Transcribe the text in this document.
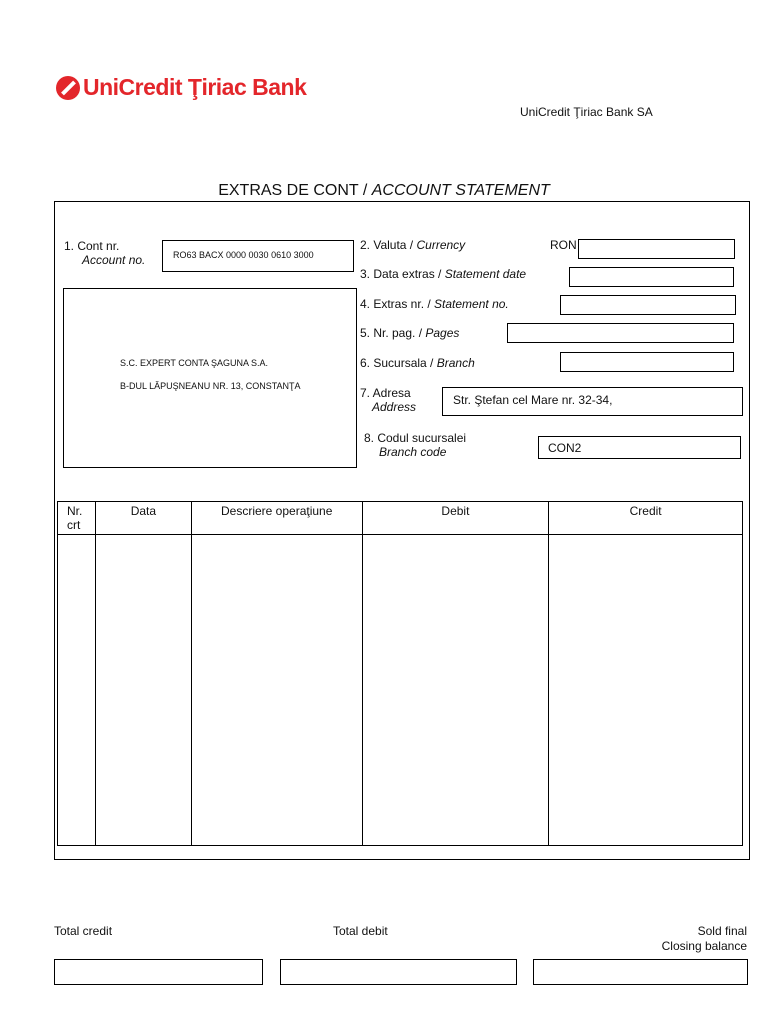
UniCredit Ţiriac Bank
UniCredit Ţiriac Bank SA
EXTRAS DE CONT / ACCOUNT STATEMENT
1. Cont nr.
Account no.	RO63 BACX 0000 0030 0610 3000
S.C. EXPERT CONTA ŞAGUNA S.A.
B-DUL LĂPUŞNEANU NR. 13, CONSTANŢA
2. Valuta / Currency	RON
3. Data extras / Statement date
4. Extras nr. / Statement no.
5. Nr. pag. / Pages
6. Sucursala / Branch
7. Adresa
Address	Str. Ştefan cel Mare nr. 32-34,
8. Codul sucursalei
Branch code	CON2
Nr. crt	Data	Descriere operaţiune	Debit	Credit

Total credit	Total debit	Sold final
Closing balance
